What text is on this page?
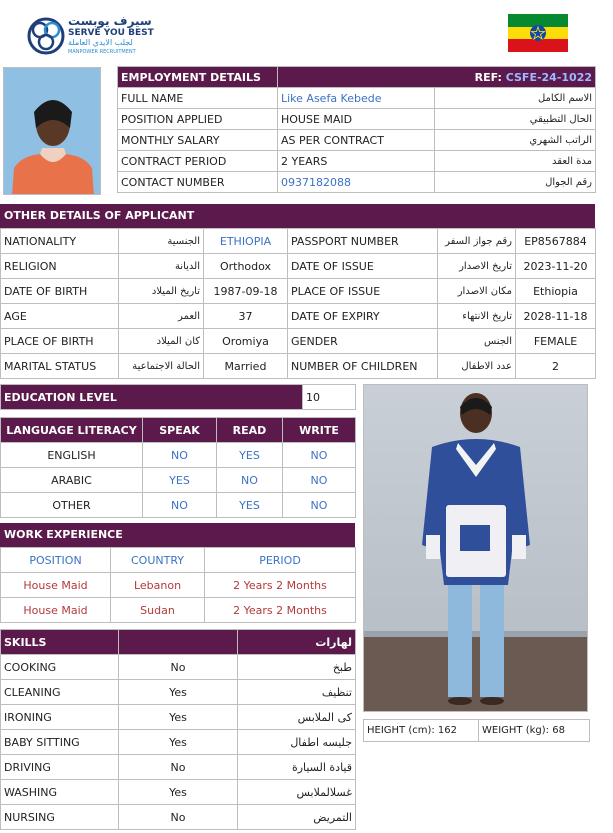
سيرف يوبست
SERVE YOU BEST
لجلب الايدي العاملة
MANPOWER RECRUITMENT
EMPLOYMENT DETAILS	REF: CSFE-24-1022	
FULL NAME	Like Asefa Kebede	الاسم الكامل
POSITION APPLIED	HOUSE MAID	الحال التطبيقي
MONTHLY SALARY	AS PER CONTRACT	الراتب الشهري
CONTRACT PERIOD	2 YEARS	مدة العقد
CONTACT NUMBER	0937182088	رقم الجوال
OTHER DETAILS OF APPLICANT
NATIONALITY	الجنسية	ETHIOPIA	PASSPORT NUMBER	رقم جواز السفر	EP8567884
RELIGION	الديانة	Orthodox	DATE OF ISSUE	تاريخ الاصدار	2023-11-20
DATE OF BIRTH	تاريخ الميلاد	1987-09-18	PLACE OF ISSUE	مكان الاصدار	Ethiopia
AGE	العمر	37	DATE OF EXPIRY	تاريخ الانتهاء	2028-11-18
PLACE OF BIRTH	كان الميلاد	Oromiya	GENDER	الجنس	FEMALE
MARITAL STATUS	الحالة الاجتماعية	Married	NUMBER OF CHILDREN	عدد الاطفال	2
EDUCATION LEVEL	10
LANGUAGE LITERACY	SPEAK	READ	WRITE
ENGLISH	NO	YES	NO
ARABIC	YES	NO	NO
OTHER	NO	YES	NO
WORK EXPERIENCE
POSITION	COUNTRY	PERIOD
House Maid	Lebanon	2 Years 2 Months
House Maid	Sudan	2 Years 2 Months
SKILLS		لهارات
COOKING	No	طبخ
CLEANING	Yes	تنظيف
IRONING	Yes	كى الملابس
BABY SITTING	Yes	جليسه اطفال
DRIVING	No	قيادة السيارة
WASHING	Yes	غسلالملابس
NURSING	No	التمريض
HEIGHT (cm): 162	WEIGHT (kg): 68
